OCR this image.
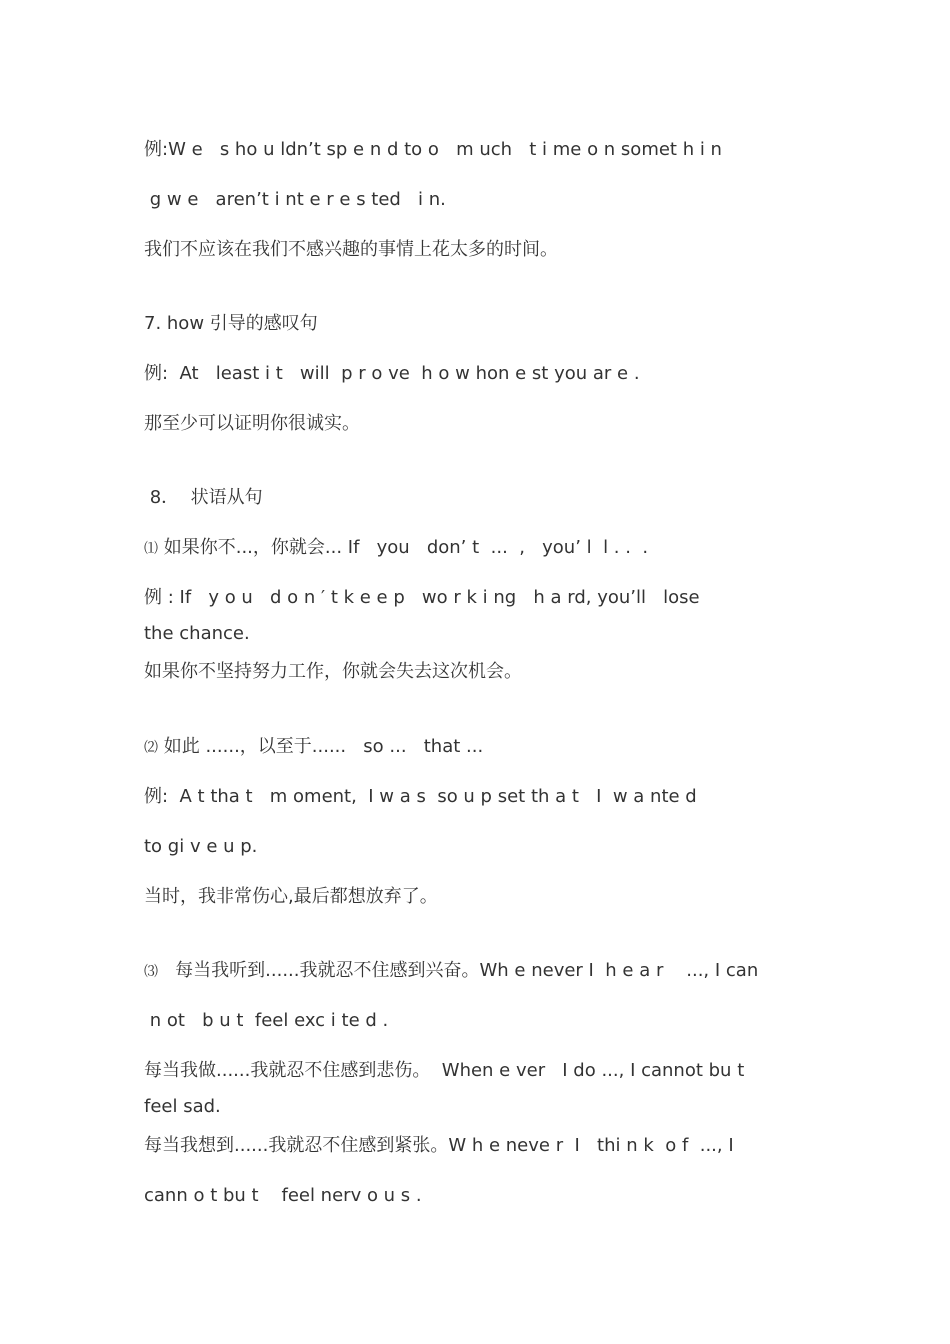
例:W e   s ho u ldn’t sp e n d to o   m uch   t i me o n somet h i n
g w e   aren’t i nt e r e s ted   i n.
我们不应该在我们不感兴趣的事情上花太多的时间。
7. how 引导的感叹句
例:  At   least i t   will  p r o ve  h o w hon e st you ar e .
那至少可以证明你很诚实。
8．  状语从句
⑴ 如果你不...，你就会... If   you   don’ t  ...  ,   you’ l  l . .  .
例 : If   y o u   d o n ′ t k e e p   wo r k i ng   h a rd, you’ll   lose
the chance.
如果你不坚持努力工作，你就会失去这次机会。
⑵ 如此 ......，以至于......   so ...   that ...
例:  A t tha t   m oment,  I w a s  so u p set th a t   I  w a nte d
to gi v e u p.
当时，我非常伤心,最后都想放弃了。
⑶   每当我听到......我就忍不住感到兴奋。Wh e never I  h e a r    ..., I can
n ot   b u t  feel exc i te d .
每当我做......我就忍不住感到悲伤。  When e ver   I do ..., I cannot bu t
feel sad.
每当我想到......我就忍不住感到紧张。W h e neve r  I   thi n k  o f  ..., I
cann o t bu t    feel nerv o u s .
